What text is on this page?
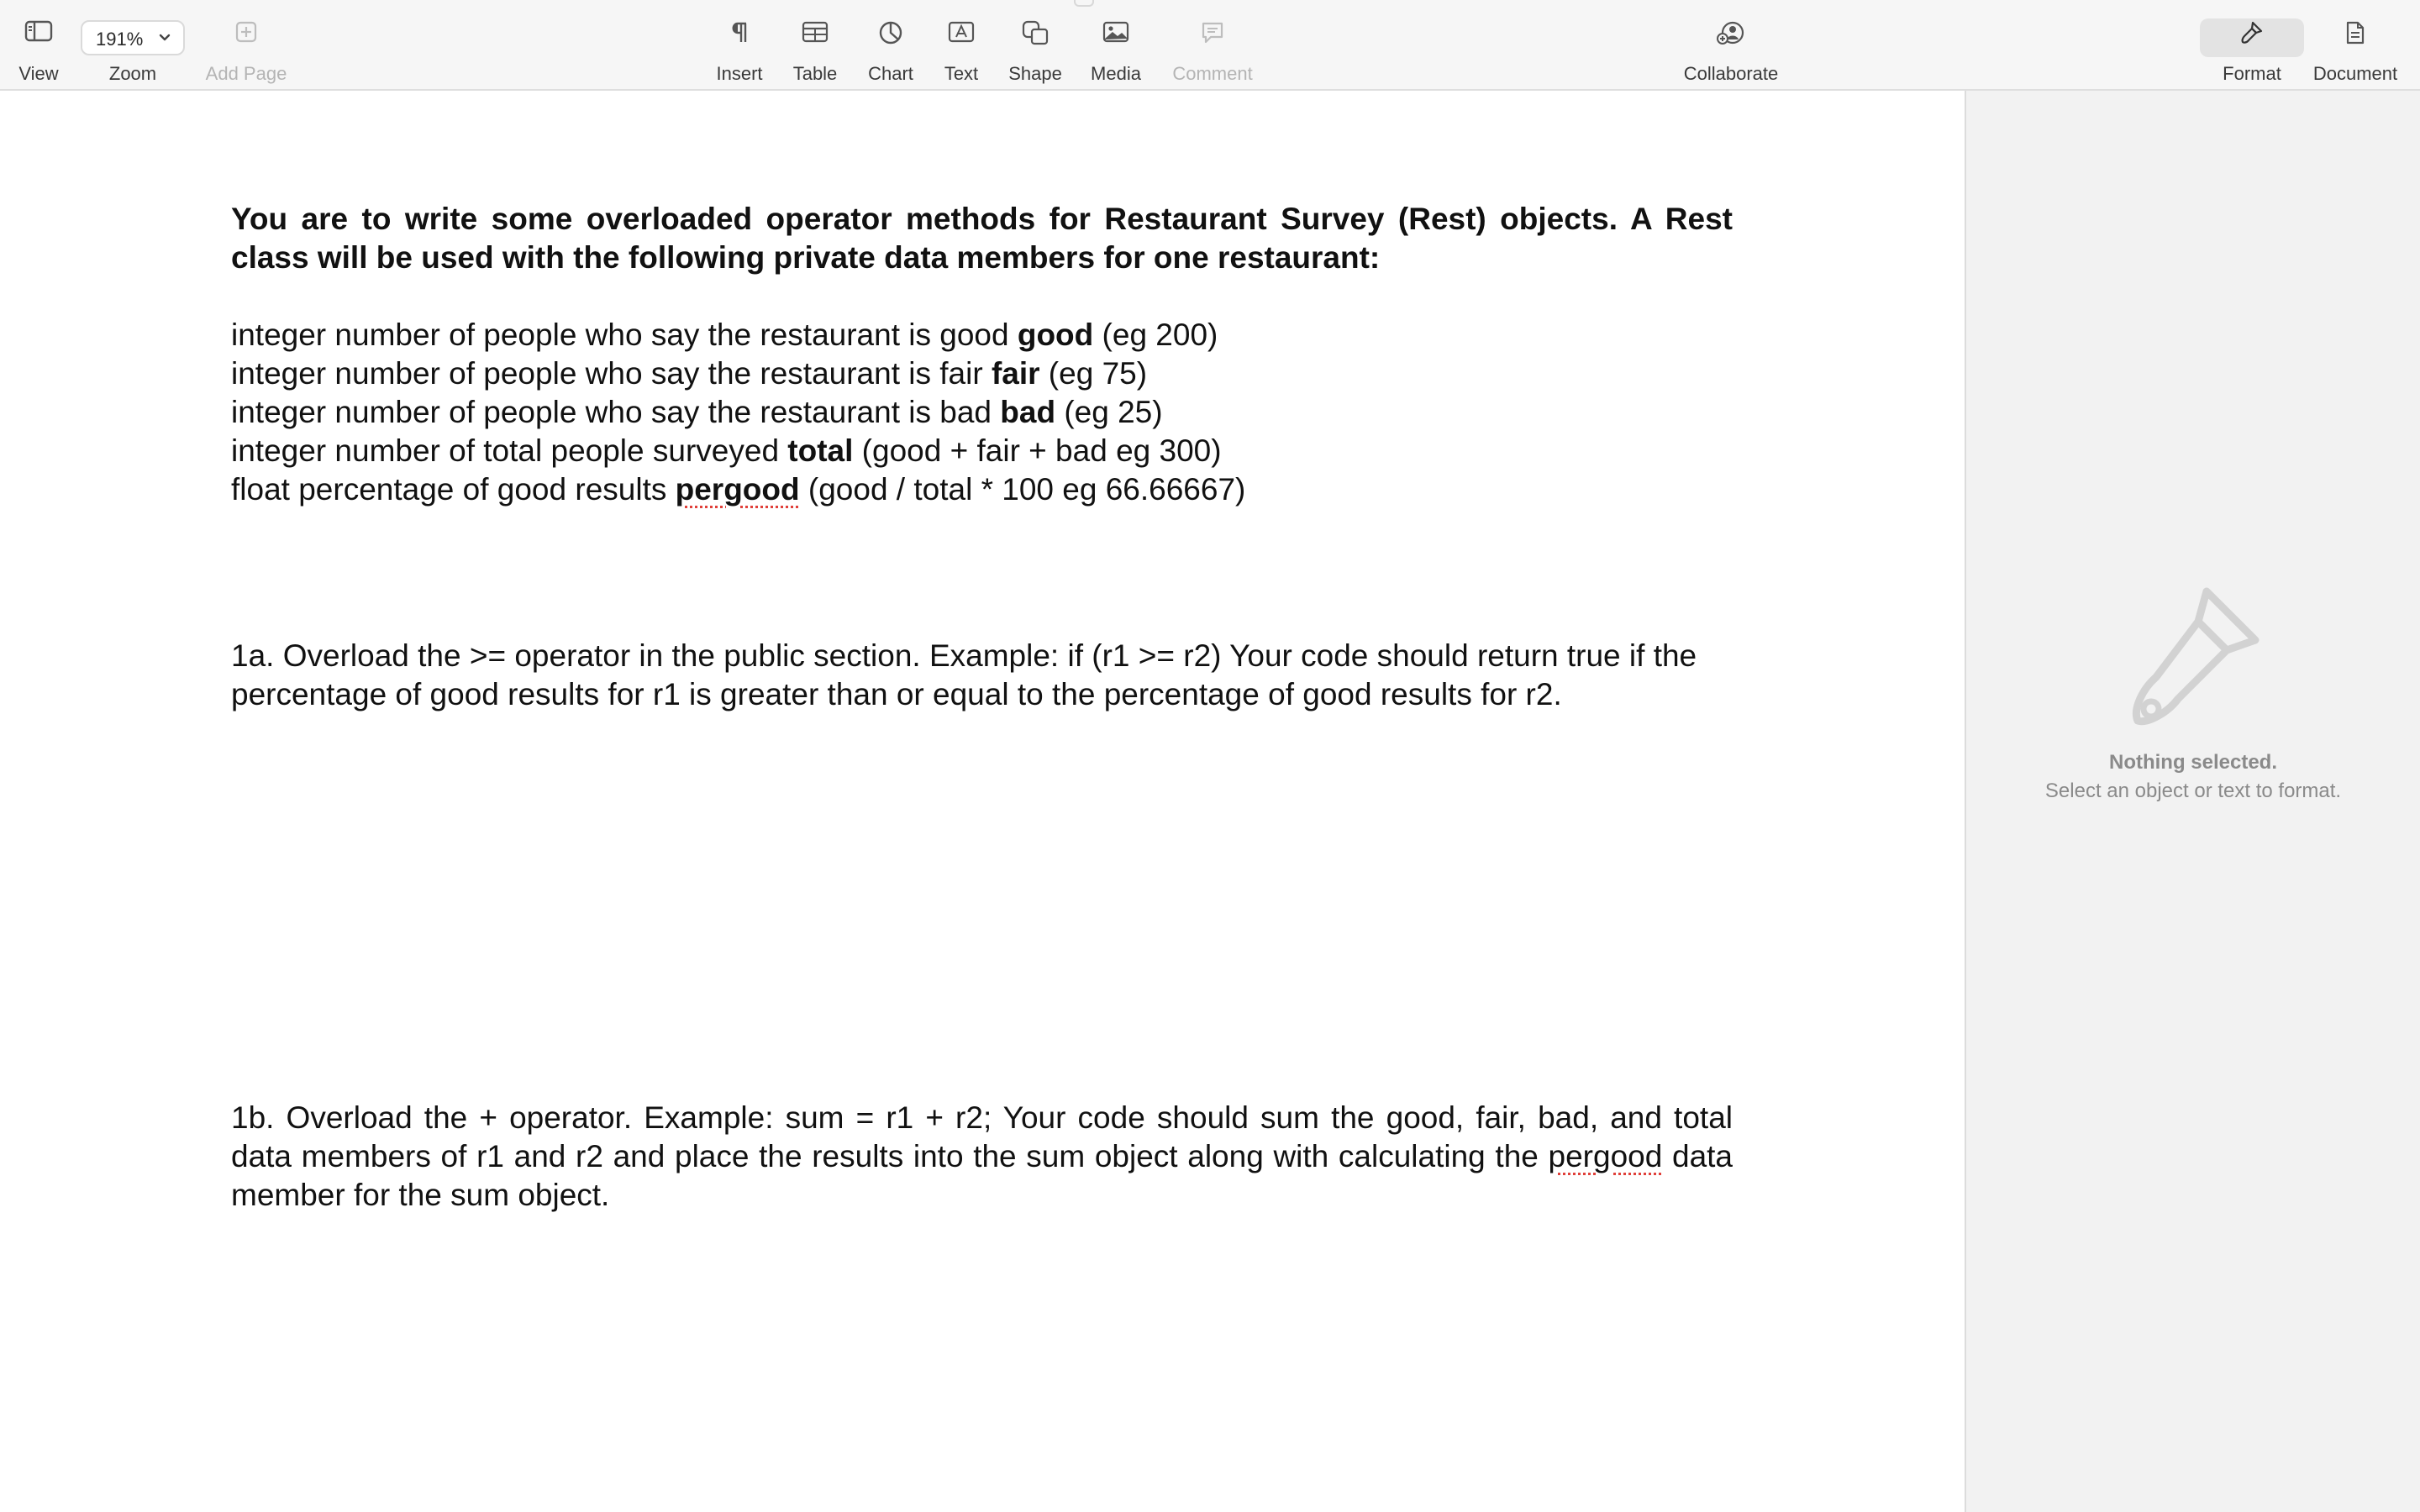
View
191%
Zoom	Add Page	Insert Table Chart Text Shape Media Comment	Collaborate	Format Document

You are to write some overloaded operator methods for Restaurant Survey (Rest) objects. A Rest class will be used with the following private data members for one restaurant:

integer number of people who say the restaurant is good good (eg 200)

integer number of people who say the restaurant is fair fair (eg 75)

integer number of people who say the restaurant is bad bad (eg 25)

integer number of total people surveyed total (good + fair + bad eg 300)

float percentage of good results pergood (good / total * 100 eg 66.66667)

1a. Overload the >= operator in the public section. Example: if (r1 >= r2) Your code should return true if the percentage of good results for r1 is greater than or equal to the percentage of good results for r2.

1b. Overload the + operator. Example: sum = r1 + r2; Your code should sum the good, fair, bad, and total data members of r1 and r2 and place the results into the sum object along with calculating the pergood data member for the sum object.

Nothing selected.
Select an object or text to format.
